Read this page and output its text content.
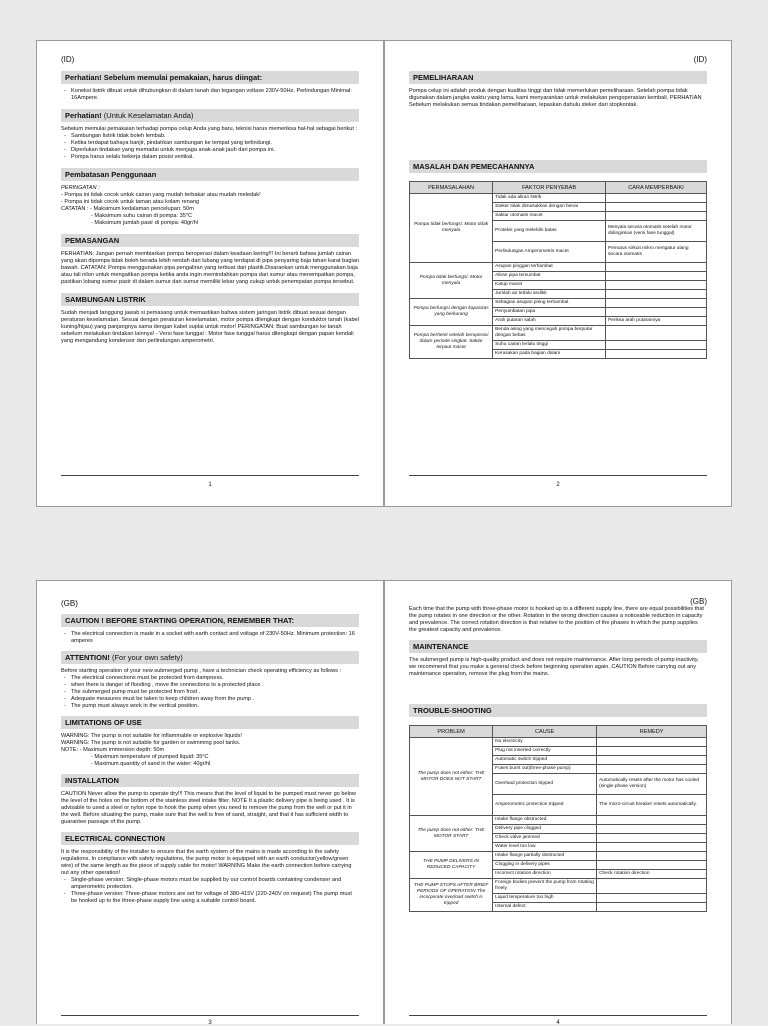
(ID)
Perhatian! Sebelum memulai pemakaian, harus diingat:
- Koneksi listrik dibuat untuk dihubungkan di dalam tanah dan tegangan voltase 230V-50Hz. Perlindungan Minimal: 16Ampere.
Perhatian! (Untuk Keselamatan Anda)

Sebelum memulai pemakaian terhadap pompa celup Anda yang baru, teknisi harus memeriksa hal-hal sebagai berikut :

- Sambungan listrik tidak boleh lembab.
- Ketika terdapat bahaya banjir, pindahkan sambungan ke tempat yang terlindungi.
- Diperlukan tindakan yang memadai untuk menjaga anak-anak jauh dari pompa ini.
- Pompa harus selalu bekerja dalam posisi vertikal.
Pembatasan Penggunaan

PERINGATAN :

- Pompa ini tidak cocok untuk cairan yang mudah terbakar atau mudah meledak!

- Pompa ini tidak cocok untuk taman atau kolam renang

CATATAN : - Maksimum kedalaman pencelupan: 50m

- Maksimum suhu cairan di pompa: 35°C

- Maksimum jumlah pasir di pompa: 40gr/hl

PEMASANGAN

PERHATIAN: Jangan pernah membiarkan pompa beroperasi dalam keadaan kering!!! Ini berarti bahwa jumlah cairan yang akan dipompa tidak boleh berada lebih rendah dari lubang yang terdapat di pipa penyaring baja tahan karat bagian bawah. CATATAN: Pompa menggunakan pipa pengaliran yang terbuat dari plastik.Disarankan untuk menggunakan baja atau tali nilon untuk mengaitkan pompa ketika anda ingin memindahkan pompa dari sumur atau menempatkan pompa, pastikan lobang sumur pasir di dalam sumur dan sumur memiliki lebar yang cukup untuk penempatan pompa tersebut.

SAMBUNGAN LISTRIK

Sudah menjadi tanggung jawab si pemasang untuk memastikan bahwa sistem jaringan listrik dibuat sesuai dengan peraturan keselamatan. Sesuai dengan peraturan keselamatan, motor pompa dilengkapi dengan konduktor tanah (kabel kuning/hijau) yang panjangnya sama dengan kabel suplai untuk motor! PERINGATAN: Buat sambungan ke tanah sebelum melakukan tindakan lainnya! - Versi fase tunggal : Motor fase tunggal harus dilengkapi dengan papan kendali yang mengandung kondensor dan perlindungan amperometri.

1
(ID)
PEMELIHARAAN

Pompa celup ini adalah produk dengan kualitas tinggi dan tidak memerlukan pemeliharaan. Setelah pompa tidak digunakan dalam jangka waktu yang lama, kami menyarankan untuk melakukan pengoperasian kembali. PERHATIAN Sebelum melakukan semua tindakan pemeliharaan, lepaskan dahulu steker dari stopkontak.

MASALAH DAN PEMECAHANNYA
PERMASALAHAN	FAKTOR PENYEBAB	CARA MEMPERBAIKI
Pompa tidak berfungsi: Motor tidak menyala	Tidak ada aliran listrik	
	Steker tidak dimasukkan dengan benar	
	Saklar otomatis macet	
	Proteksi yang melebihi batas	Menyala secara otomatis setelah motor didinginkan (versi fase tunggal)
	Perlindungan Amperometris macet	Pemutus sirkuit mikro mengatur ulang secara otomatis
Pompa tidak berfungsi: Motor menyala	Asupan pinggan terhambat	
	Aliran pipa tersumbat	
	Katup macet	
	Jumlah air terlalu sedikit	
Pompa berfungsi dengan kapasitas yang berkurang	Sebagian asupan piring terhambat	
	Penyumbatan pipa	
	Arah putaran salah	Periksa arah putarannya
Pompa berhenti setelah beroperasi dalam periode singkat. Saklar terpaut macet	Benda asing yang mencegah pompa berputar dengan bebas	
	Suhu cairan terlalu tinggi	
	Kerusakan pada bagian dalam	
2
(GB)
CAUTION ! BEFORE STARTING OPERATION, REMEMBER THAT:
- The electrical connection is made in a socket with earth contact and voltage of 230V-50Hz. Minimum protection: 16 amperes
ATTENTION! (For your own safety)

Before starting operation of your new submerged pump , have a technician check operating efficiency as follows :

- The electrical connections must be protected from dampness.
- when there is danger of flooding , move the connections to a protected place .
- The submerged pump must be protected from frost .
- Adequate measures must be taken to keep children away from the pump .
- The pump must always work in the vertical position.
LIMITATIONS OF USE

WARNING: The pump is not suitable for inflammable or explosive liquids!

WARNING: The pump is not suitable for garden or swimming pool tanks.

NOTE: - Maximum immersion depth: 50m

- Maximum temperature of pumped liquid: 35°C

- Maximum quantity of sand in the water: 40gr/hl

INSTALLATION

CAUTION Never allow the pump to operate dry!!! This means that the level of liquid to be pumped must never go below the level of the holes on the bottom of the stainless steel intake filter. NOTE It a plastic delivery pipe is being used . It is advisable to used a steel or nylon rope to hook the pump when you need to remove the pump from the well or put it in the well. Before situating the pump, make sure that the well is free of sand, straight, and that it has sufficient width to guarantee passage of the pump.

ELECTRICAL CONNECTION

It is the responsibility of the installer to ensure that the earth system of the mains is made according to the safety regulations. In compliance with safety regulations, the pump motor is equipped with an earth conductor(yellow/green wire) of the same length as the piece of supply cable for motor! WARNING Make the earth connection before carrying out any other operation!

- Single-phase version: Single-phase motors must be supplied by our control boards containing condenser and amperometric protection.
- Three-phase version: Three-phase motors are set for voltage of 380-415V (220-240V on request) The pump must be hooked up to the three-phase supply line using a suitable control board.
3
(GB)

Each time that the pump with three-phase motor is hooked up to a different supply line, there are equal possibilities that the pump rotates in one direction or the other. Rotation in the wrong direction causes a noticeable reduction in capacity and prevalence. The correct rotation direction is that relative to the position of the phases in which the pump supplies the greatest capacity and prevalence.

MAINTENANCE

The submerged pump is high-quality product and does not require maintenance. After long periods of pump inactivity, we recommend that you make a general check before beginning operation again. CAUTION Before carrying out any maintenance operation, remove the plug from the mains.

TROUBLE-SHOOTING
PROBLEM	CAUSE	REMEDY
The pump does not either: THE MOTOR DOES NOT START	No electricity	
	Plug not inserted correctly	
	Automatic switch tripped	
	Fuses burnt out(three-phase pump)	
	Overload protection tripped	Automatically resets after the motor has cooled (single-phase version)
	Amperometric protection tripped	The micro-circuit breaker resets automatically.
The pump does not either: THE MOTOR START	Intake flange obstructed	
	Delivery pipe clogged	
	Check valve jammed	
	Water level too low	
THE PUMP DELIVERS IN REDUCED CAPACITY	Intake flange partially obstructed	
	Clogging in delivery pipes	
	Incorrect rotation direction	Check rotation direction
THE PUMP STOPS AFTER BRIEF PERIODS OF OPERATION The incorporate overload switch is tripped	Foreign bodies prevent the pump from rotating freely	
	Liquid temperature too high	
	Internal defect	
4
